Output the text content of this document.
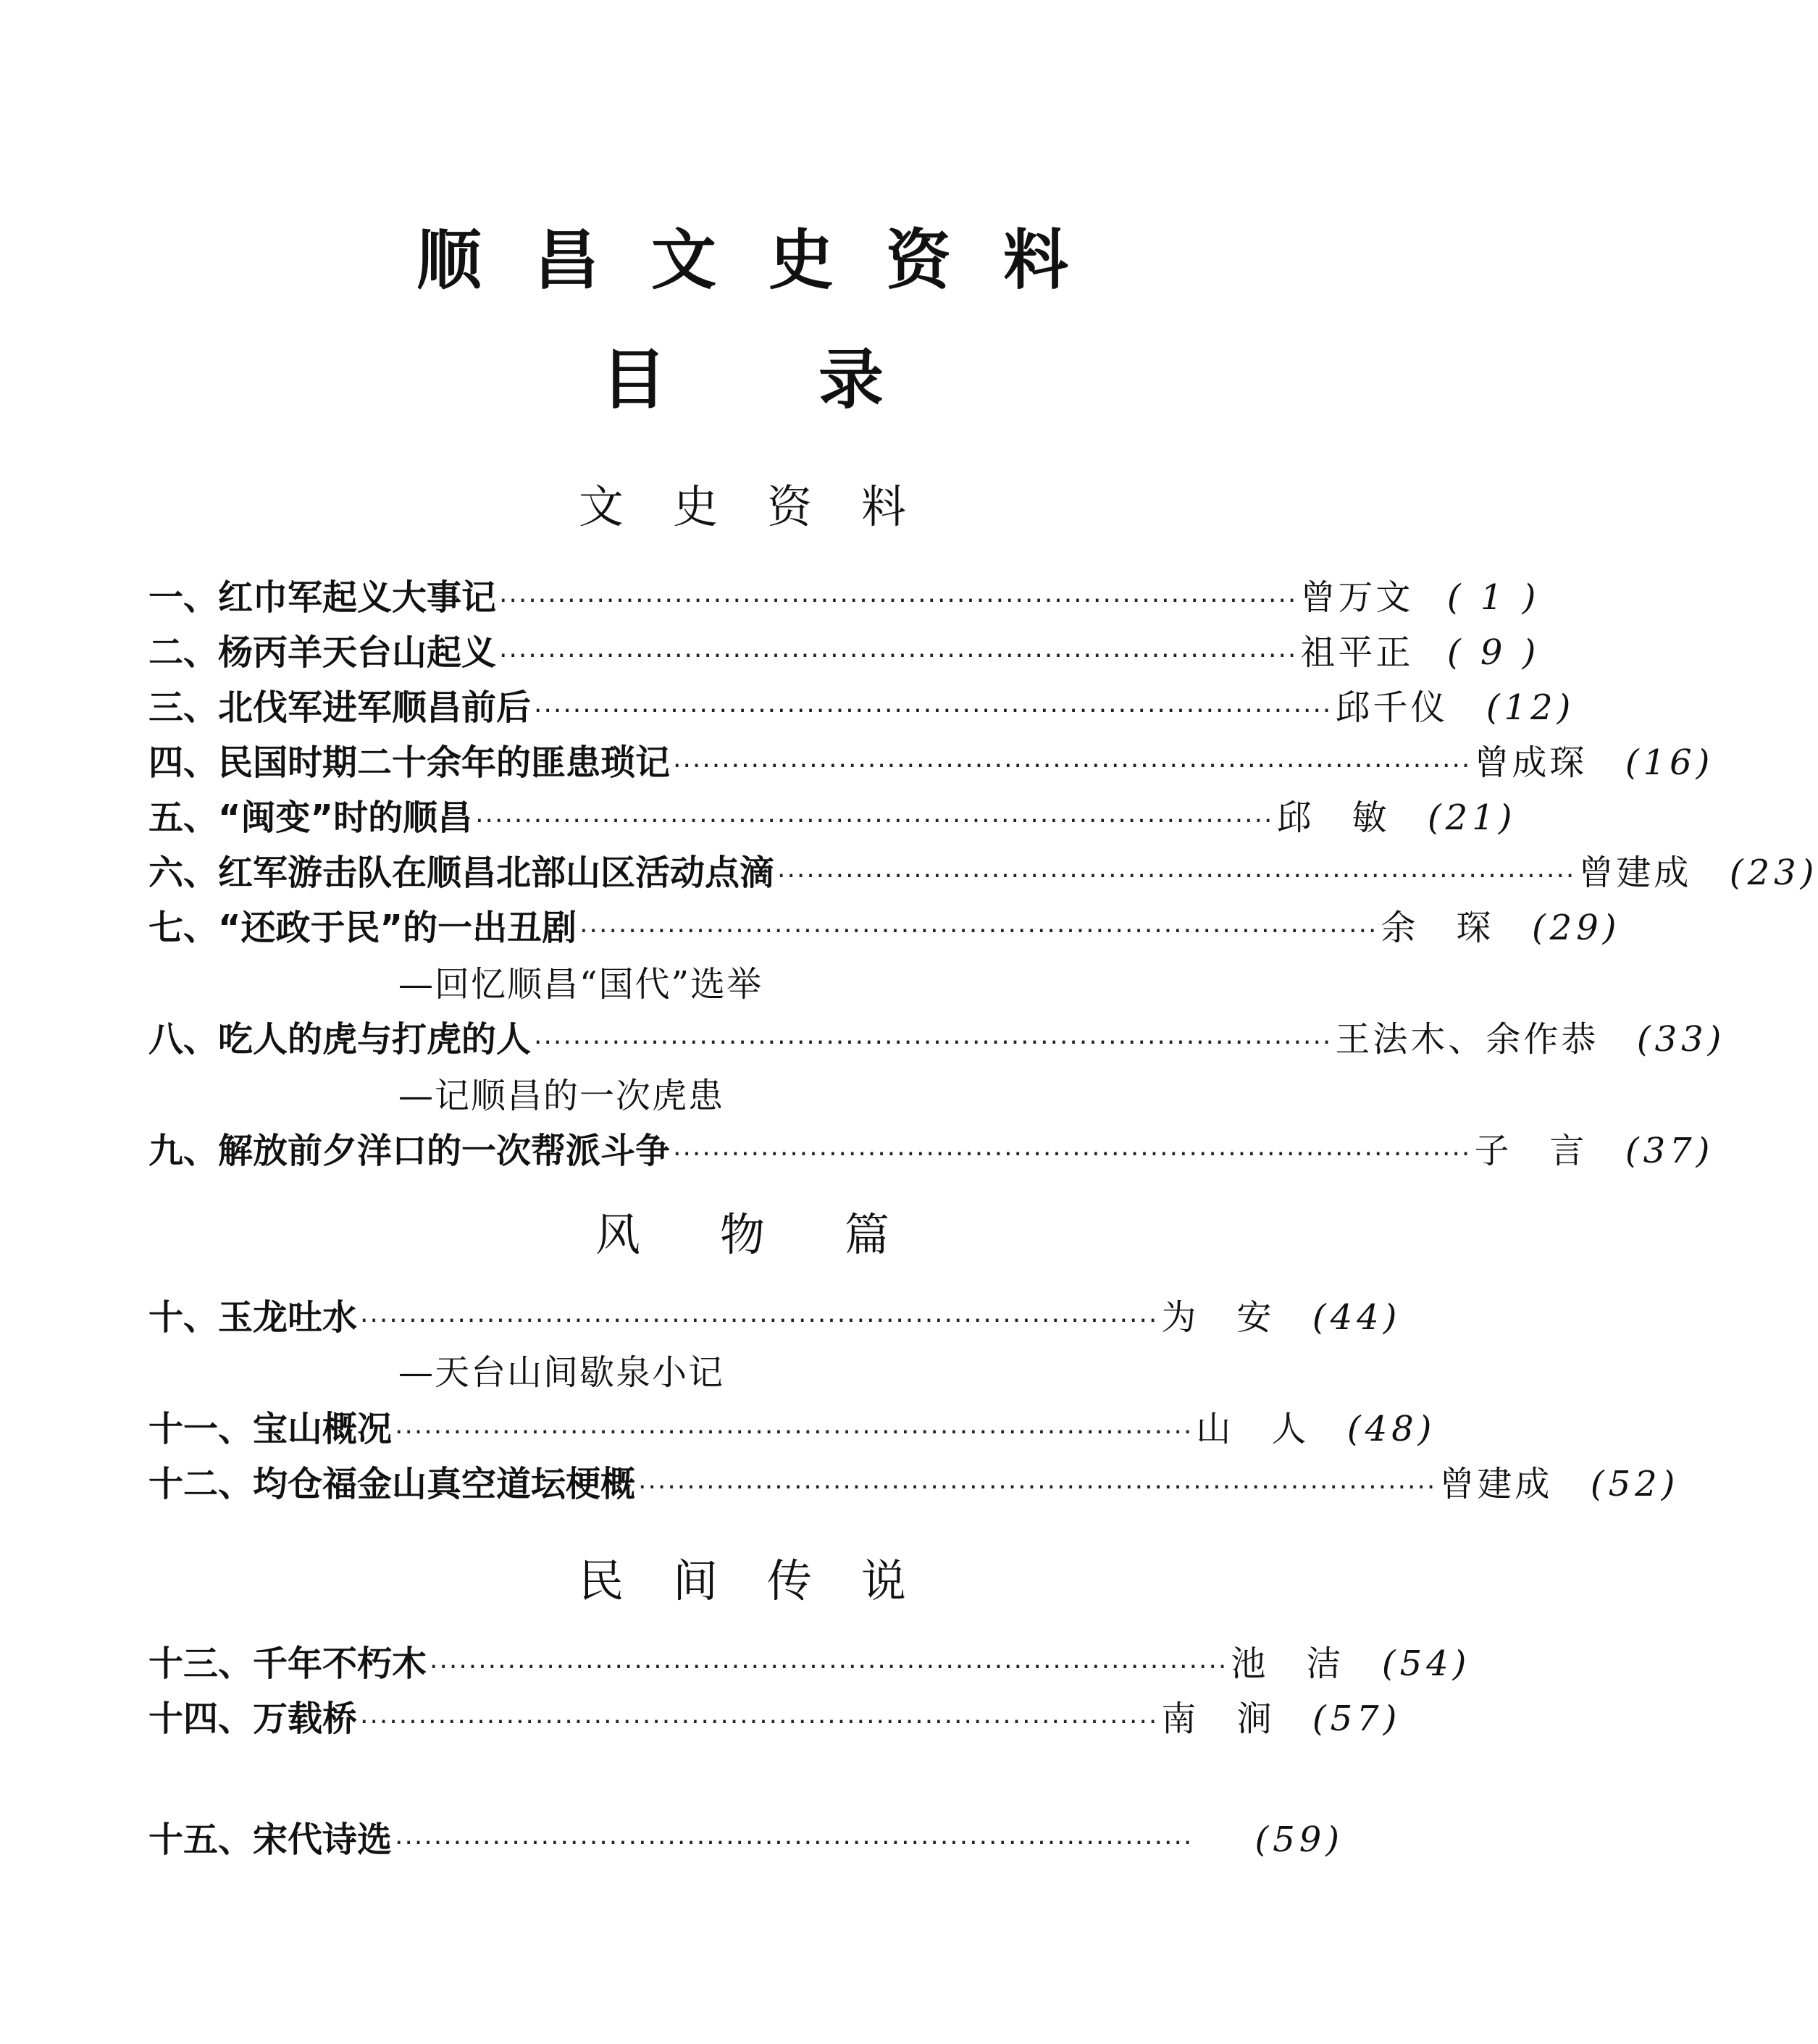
顺昌文史资料
目录
文史资料
一、红巾军起义大事记 ·················································································· 曾万文 ( 1 )
二、杨丙羊天台山起义 ·················································································· 祖平正 ( 9 )
三、北伐军进军顺昌前后 ·················································································· 邱千仪	(12)
四、民国时期二十余年的匪患琐记 ·················································································· 曾成琛	(16)
五、“闽变”时的顺昌 ·················································································· 邱　敏	(21)
六、红军游击队在顺昌北部山区活动点滴 ·················································································· 曾建成	(23)
七、“还政于民”的一出丑剧 ·················································································· 余　琛	(29)
—回忆顺昌“国代”选举
八、吃人的虎与打虎的人 ·················································································· 王法木、余作恭	(33)
—记顺昌的一次虎患
九、解放前夕洋口的一次帮派斗争 ·················································································· 子　言	(37)
风物篇
十、玉龙吐水 ·················································································· 为　安	(44)
—天台山间歇泉小记
十一、宝山概况 ·················································································· 山　人	(48)
十二、均仓福金山真空道坛梗概 ·················································································· 曾建成	(52)
民间传说
十三、千年不朽木 ·················································································· 池　洁	(54)
十四、万载桥 ·················································································· 南　涧	(57)
十五、宋代诗选 ··················································································	(59)
